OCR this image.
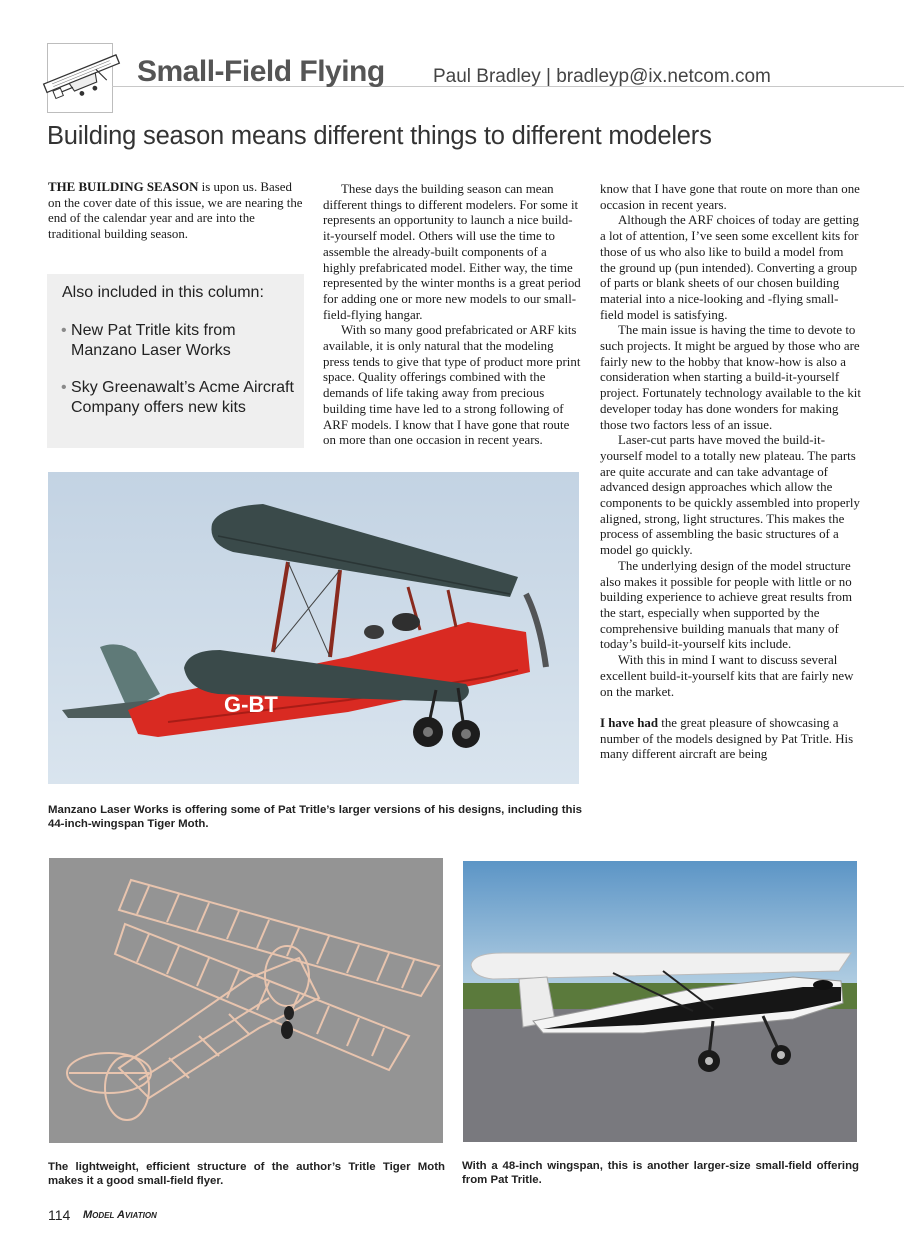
Small-Field Flying	Paul Bradley | bradleyp@ix.netcom.com
Building season means different things to different modelers

THE BUILDING SEASON is upon us. Based on the cover date of this issue, we are nearing the end of the calendar year and are into the traditional building season.

Also included in this column:
• New Pat Tritle kits from Manzano Laser Works
• Sky Greenawalt’s Acme Aircraft Company offers new kits

These days the building season can mean different things to different modelers. For some it represents an opportunity to launch a nice build-it-yourself model. Others will use the time to assemble the already-built components of a highly prefabricated model. Either way, the time represented by the winter months is a great period for adding one or more new models to our small-field-flying hangar.

With so many good prefabricated or ARF kits available, it is only natural that the modeling press tends to give that type of product more print space. Quality offerings combined with the demands of life taking away from precious building time have led to a strong following of ARF models. I know that I have gone that route on more than one occasion in recent years.

know that I have gone that route on more than one occasion in recent years.

Although the ARF choices of today are getting a lot of attention, I’ve seen some excellent kits for those of us who also like to build a model from the ground up (pun intended). Converting a group of parts or blank sheets of our chosen building material into a nice-looking and -flying small-field model is satisfying.

The main issue is having the time to devote to such projects. It might be argued by those who are fairly new to the hobby that know-how is also a consideration when starting a build-it-yourself project. Fortunately technology available to the kit developer today has done wonders for making those two factors less of an issue.

Laser-cut parts have moved the build-it-yourself model to a totally new plateau. The parts are quite accurate and can take advantage of advanced design approaches which allow the components to be quickly assembled into properly aligned, strong, light structures. This makes the process of assembling the basic structures of a model go quickly.

The underlying design of the model structure also makes it possible for people with little or no building experience to achieve great results from the start, especially when supported by the comprehensive building manuals that many of today’s build-it-yourself kits include.

With this in mind I want to discuss several excellent build-it-yourself kits that are fairly new on the market.

I have had the great pleasure of showcasing a number of the models designed by Pat Tritle. His many different aircraft are being

G-BT
Manzano Laser Works is offering some of Pat Tritle’s larger versions of his designs, including this 44-inch-wingspan Tiger Moth.
The lightweight, efficient structure of the author’s Tritle Tiger Moth makes it a good small-field flyer.
With a 48-inch wingspan, this is another larger-size small-field offering from Pat Tritle.
114 Model Aviation
